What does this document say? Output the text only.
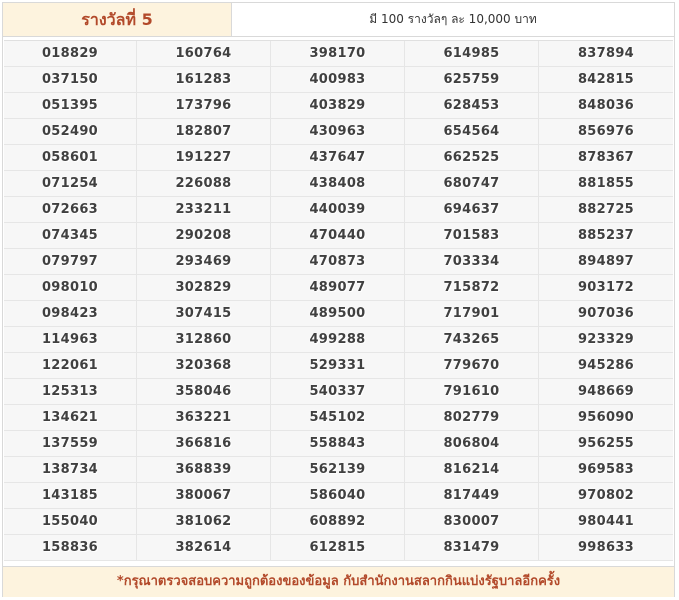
รางวัลที่ 5	มี 100 รางวัลๆ ละ 10,000 บาท
018829	160764	398170	614985	837894
037150	161283	400983	625759	842815
051395	173796	403829	628453	848036
052490	182807	430963	654564	856976
058601	191227	437647	662525	878367
071254	226088	438408	680747	881855
072663	233211	440039	694637	882725
074345	290208	470440	701583	885237
079797	293469	470873	703334	894897
098010	302829	489077	715872	903172
098423	307415	489500	717901	907036
114963	312860	499288	743265	923329
122061	320368	529331	779670	945286
125313	358046	540337	791610	948669
134621	363221	545102	802779	956090
137559	366816	558843	806804	956255
138734	368839	562139	816214	969583
143185	380067	586040	817449	970802
155040	381062	608892	830007	980441
158836	382614	612815	831479	998633
*กรุณาตรวจสอบความถูกต้องของข้อมูล กับสำนักงานสลากกินแบ่งรัฐบาลอีกครั้ง
